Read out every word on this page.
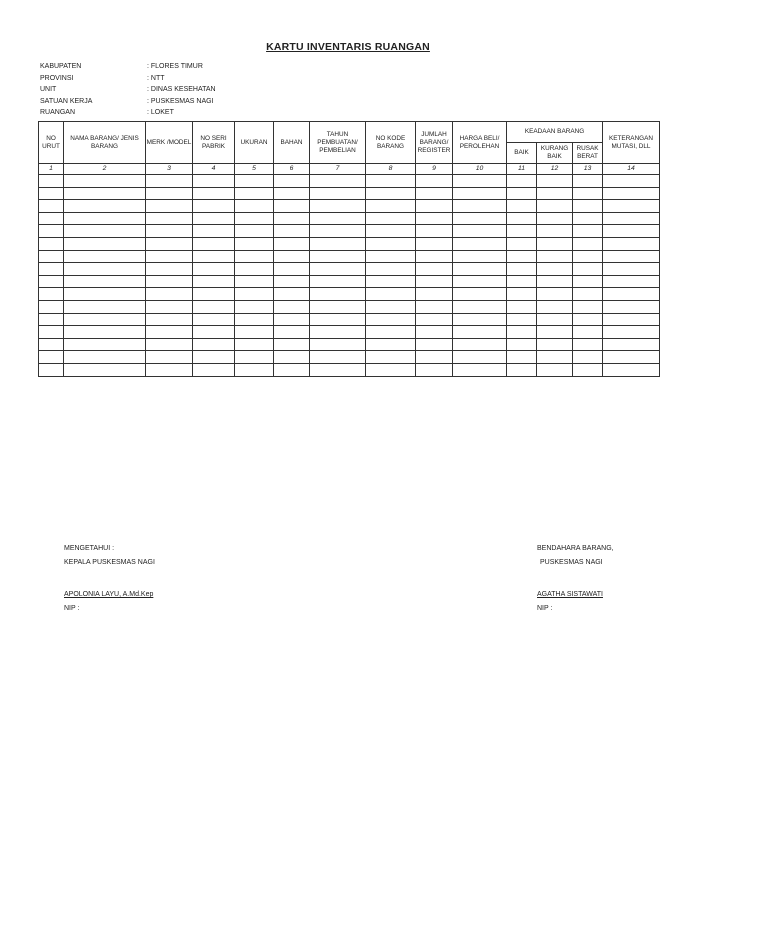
KARTU INVENTARIS RUANGAN
KABUPATEN	: FLORES TIMUR
PROVINSI	: NTT
UNIT	: DINAS KESEHATAN
SATUAN KERJA	: PUSKESMAS NAGI
RUANGAN	: LOKET
NO URUT	NAMA BARANG/ JENIS BARANG	MERK /MODEL	NO SERI PABRIK	UKURAN	BAHAN	TAHUN PEMBUATAN/ PEMBELIAN	NO KODE BARANG	JUMLAH BARANG/ REGISTER	HARGA BELI/ PEROLEHAN	KEADAAN BARANG			KETERANGAN MUTASI, DLL
										BAIK	KURANG BAIK	RUSAK BERAT	
1	2	3	4	5	6	7	8	9	10	11	12	13	14

MENGETAHUI :
KEPALA PUSKESMAS NAGI
APOLONIA LAYU, A.Md.Kep
NIP :
BENDAHARA BARANG,
PUSKESMAS NAGI
AGATHA SISTAWATI
NIP :
